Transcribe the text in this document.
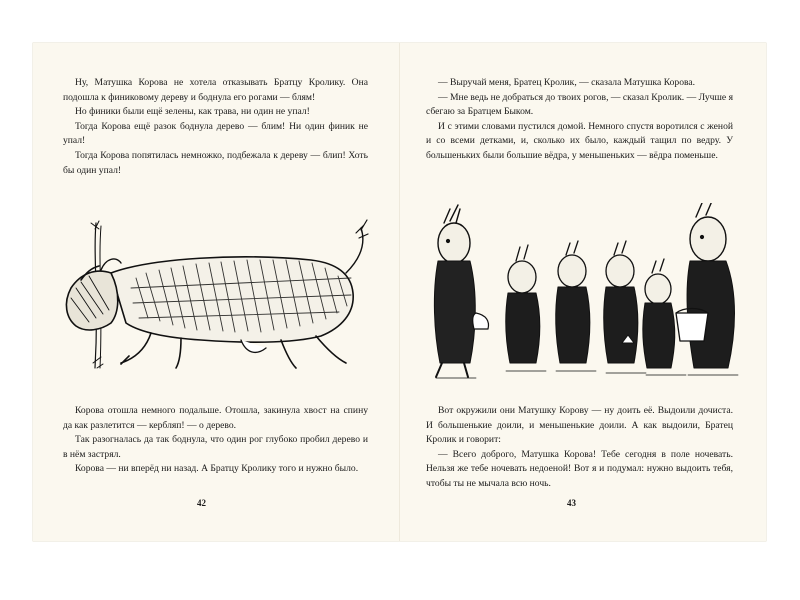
Ну, Матушка Корова не хотела отказывать Братцу Кролику. Она подошла к финиковому дереву и боднула его рогами — блям!

Но финики были ещё зелены, как трава, ни один не упал!

Тогда Корова ещё разок боднула дерево — блим! Ни один финик не упал!

Тогда Корова попятилась немножко, подбежала к дереву — блип! Хоть бы один упал!

Корова отошла немного подальше. Отошла, закинула хвост на спину да как разлетится — кербляп! — о дерево.

Так разогналась да так боднула, что один рог глубоко пробил дерево и в нём застрял.

Корова — ни вперёд ни назад. А Братцу Кролику того и нужно было.

42

— Выручай меня, Братец Кролик, — сказала Матушка Корова.

— Мне ведь не добраться до твоих рогов, — сказал Кролик. — Лучше я сбегаю за Братцем Быком.

И с этими словами пустился домой. Немного спустя воротился с женой и со всеми детками, и, сколько их было, каждый тащил по ведру. У большеньких были большие вёдра, у меньшеньких — вёдра поменьше.

Вот окружили они Матушку Корову — ну доить её. Выдоили дочиста. И большенькие доили, и меньшенькие доили. А как выдоили, Братец Кролик и говорит:

— Всего доброго, Матушка Корова! Тебе сегодня в поле ночевать. Нельзя же тебе ночевать недоеной! Вот я и подумал: нужно выдоить тебя, чтобы ты не мычала всю ночь.

43
